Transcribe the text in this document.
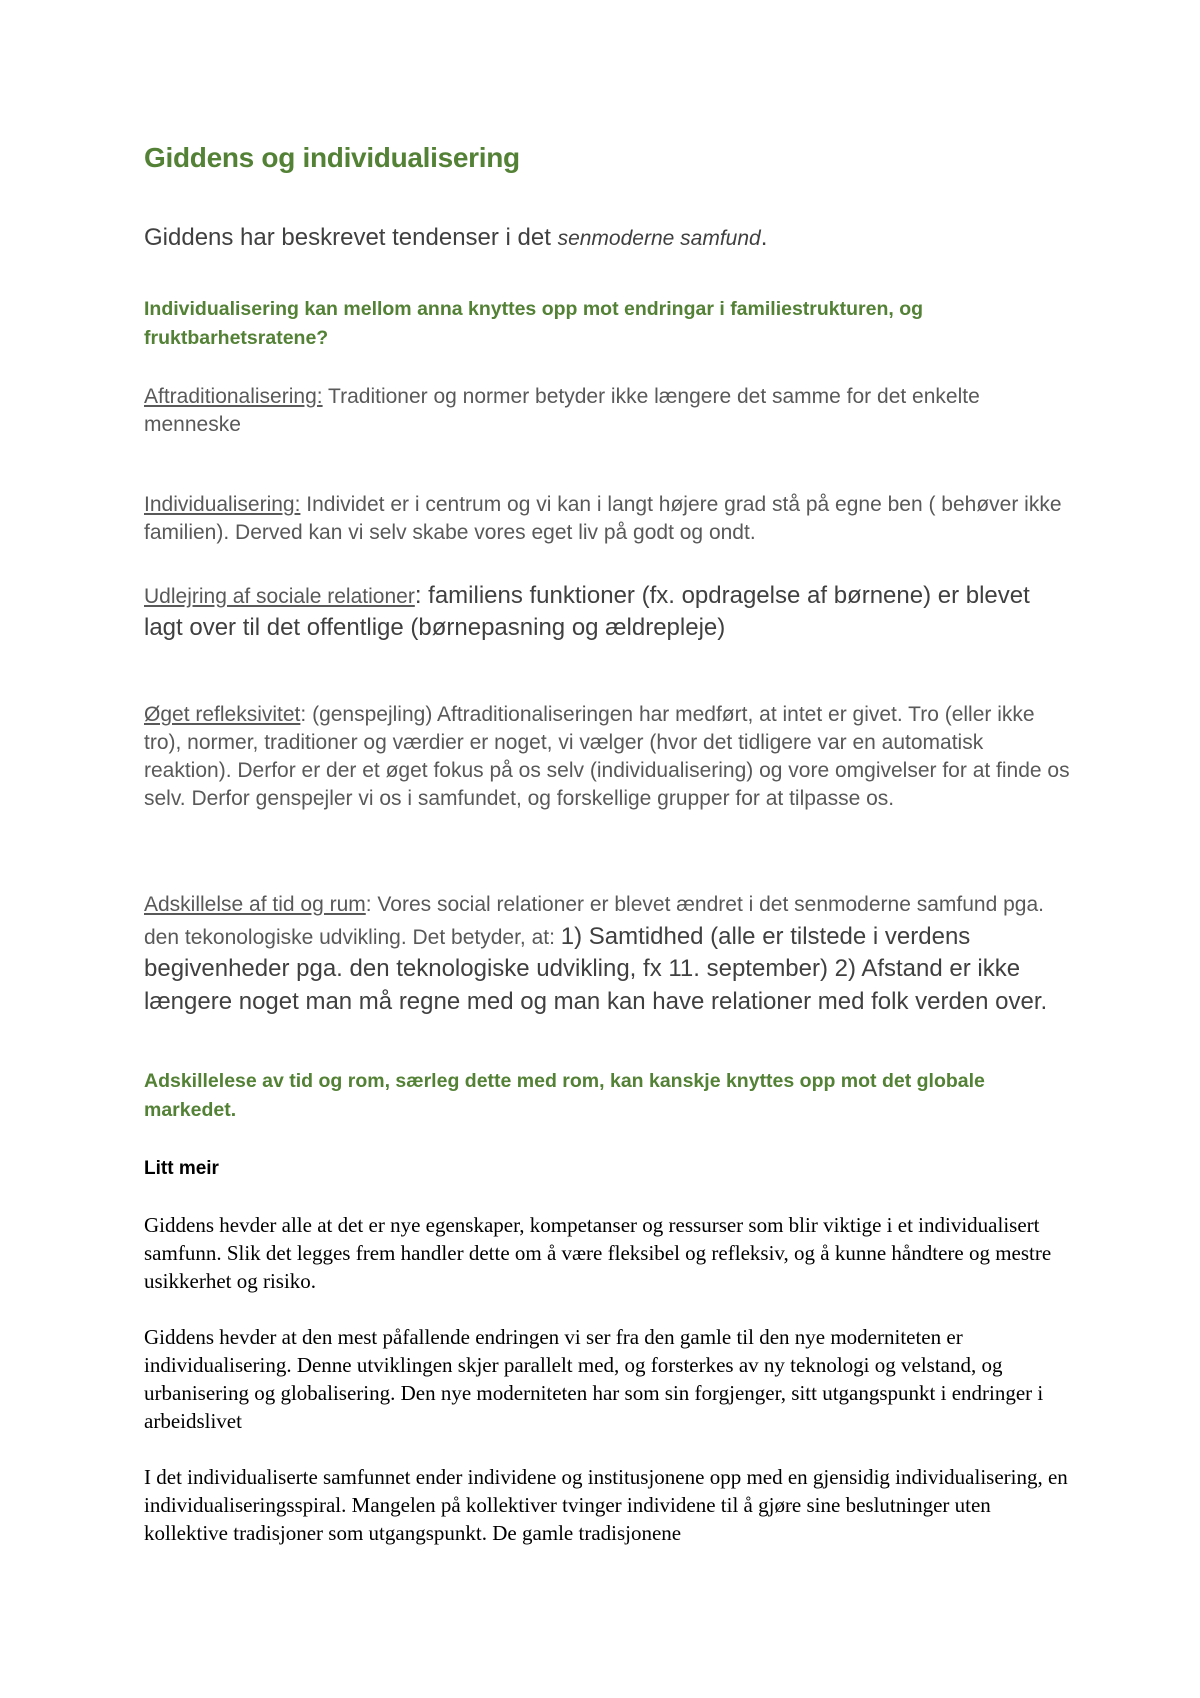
Giddens og individualisering

Giddens har beskrevet tendenser i det senmoderne samfund.

Individualisering kan mellom anna knyttes opp mot endringar i familiestrukturen, og fruktbarhetsratene?

Aftraditionalisering: Traditioner og normer betyder ikke længere det samme for det enkelte menneske

Individualisering: Individet er i centrum og vi kan i langt højere grad stå på egne ben ( behøver ikke familien). Derved kan vi selv skabe vores eget liv på godt og ondt.

Udlejring af sociale relationer: familiens funktioner (fx. opdragelse af børnene) er blevet lagt over til det offentlige (børnepasning og ældrepleje)

Øget refleksivitet: (genspejling) Aftraditionaliseringen har medført, at intet er givet. Tro (eller ikke tro), normer, traditioner og værdier er noget, vi vælger (hvor det tidligere var en automatisk reaktion). Derfor er der et øget fokus på os selv (individualisering) og vore omgivelser for at finde os selv. Derfor genspejler vi os i samfundet, og forskellige grupper for at tilpasse os.

Adskillelse af tid og rum: Vores social relationer er blevet ændret i det senmoderne samfund pga. den tekonologiske udvikling. Det betyder, at: 1) Samtidhed (alle er tilstede i verdens begivenheder pga. den teknologiske udvikling, fx 11. september) 2) Afstand er ikke længere noget man må regne med og man kan have relationer med folk verden over.

Adskillelese av tid og rom, særleg dette med rom, kan kanskje knyttes opp mot det globale markedet.

Litt meir

Giddens hevder alle at det er nye egenskaper, kompetanser og ressurser som blir viktige i et individualisert samfunn. Slik det legges frem handler dette om å være fleksibel og refleksiv, og å kunne håndtere og mestre usikkerhet og risiko.

Giddens hevder at den mest påfallende endringen vi ser fra den gamle til den nye moderniteten er individualisering. Denne utviklingen skjer parallelt med, og forsterkes av ny teknologi og velstand, og urbanisering og globalisering. Den nye moderniteten har som sin forgjenger, sitt utgangspunkt i endringer i arbeidslivet

I det individualiserte samfunnet ender individene og institusjonene opp med en gjensidig individualisering, en individualiseringsspiral. Mangelen på kollektiver tvinger individene til å gjøre sine beslutninger uten kollektive tradisjoner som utgangspunkt. De gamle tradisjonene
